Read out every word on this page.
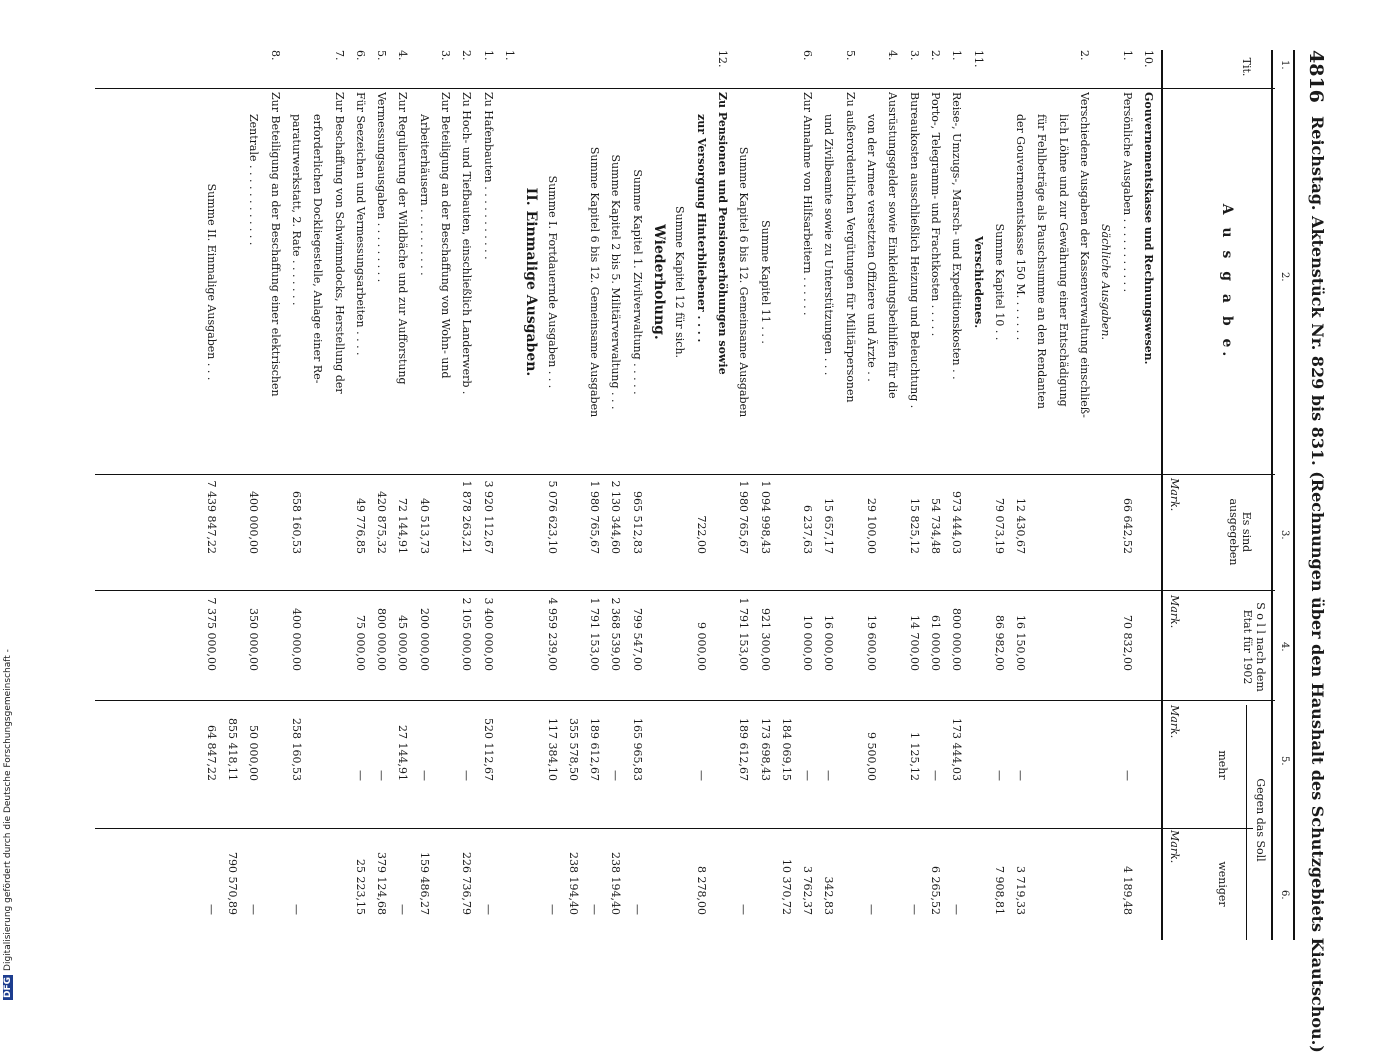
4816
Reichstag. Aktenstück Nr. 829 bis 831. (Rechnungen über den Haushalt des Schutzgebiets Kiautschou.)
1.
2.
3.
4.
5.
6.
Tit.
A u s g a b e.
Es sind ausgegeben
S o l l nach dem Etat für 1902
Gegen das Soll
mehr
weniger
Mark.
Mark.
Mark.
Mark.
10.
Gouvernementskasse und Rechnungswesen.
1.
Persönliche Ausgaben . . . . . . . . . . .
66 642,52
70 832,00
—
4 189,48
Sächliche Ausgaben.
2.
Verschiedene Ausgaben der Kassenverwaltung einschließ-
lich Löhne und zur Gewährung einer Entschädigung
für Fehlbeträge als Pauschsumme an den Rendanten
der Gouvernementskasse 150 M. . . . . . .
12 430,67
16 150,00
—
3 719,33
Summe Kapitel 10 . .
79 073,19
86 982,00
—
7 908,81
11.
Verschiedenes.
1.
Reise-, Umzugs-, Marsch- und Expeditionskosten . .
973 444,03
800 000,00
173 444,03
—
2.
Porto-, Telegramm- und Frachtkosten . . . . .
54 734,48
61 000,00
—
6 265,52
3.
Bureaukosten ausschließlich Heizung und Beleuchtung .
15 825,12
14 700,00
1 125,12
—
4.
Ausrüstungsgelder sowie Einkleidungsbeihilfen für die
von der Armee versetzten Offiziere und Ärzte . .
29 100,00
19 600,00
9 500,00
—
5.
Zu außerordentlichen Vergütungen für Militärpersonen
und Zivilbeamte sowie zu Unterstützungen . . .
15 657,17
16 000,00
—
342,83
6.
Zur Annahme von Hilfsarbeitern . . . . . .
6 237,63
10 000,00
—
3 762,37
184 069,15
10 370,72
Summe Kapitel 11 . . .
1 094 998,43
921 300,00
173 698,43
Summe Kapitel 6 bis 12. Gemeinsame Ausgaben
1 980 765,67
1 791 153,00
189 612,67
—
12.
Zu Pensionen und Pensionserhöhungen sowie
zur Versorgung Hinterbliebener . . . .
722,00
9 000,00
—
8 278,00
Summe Kapitel 12 für sich.
Wiederholung.
Summe Kapitel 1. Zivilverwaltung . . . . .
965 512,83
799 547,00
165 965,83
—
Summe Kapitel 2 bis 5. Militärverwaltung . . .
2 130 344,60
2 368 539,00
—
238 194,40
Summe Kapitel 6 bis 12. Gemeinsame Ausgaben
1 980 765,67
1 791 153,00
189 612,67
—
355 578,50
238 194,40
Summe I. Fortdauernde Ausgaben . . .
5 076 623,10
4 959 239,00
117 384,10
—
II. Einmalige Ausgaben.
1.
1.
Zu Hafenbauten . . . . . . . . . . .
3 920 112,67
3 400 000,00
520 112,67
—
2.
Zu Hoch- und Tiefbauten, einschließlich Landerwerb .
1 878 263,21
2 105 000,00
—
226 736,79
3.
Zur Beteiligung an der Beschaffung von Wohn- und
Arbeiterhäusern . . . . . . . . . .
40 513,73
200 000,00
—
159 486,27
4.
Zur Regulierung der Wildbäche und zur Aufforstung
72 144,91
45 000,00
27 144,91
—
5.
Vermessungsausgaben . . . . . . . . .
420 875,32
800 000,00
—
379 124,68
6.
Für Seezeichen und Vermessungsarbeiten . . . .
49 776,85
75 000,00
—
25 223,15
7.
Zur Beschaffung von Schwimmdocks, Herstellung der
erforderlichen Dockliegestelle, Anlage einer Re-
paraturwerkstatt, 2. Rate . . . . . . .
658 160,53
400 000,00
258 160,53
—
8.
Zur Beteiligung an der Beschaffung einer elektrischen
Zentrale . . . . . . . . . . . .
400 000,00
350 000,00
50 000,00
—
855 418,11
790 570,89
Summe II. Einmalige Ausgaben . . .
7 439 847,22
7 375 000,00
64 847,22
—
DFGDigitalisierung gefördert durch die Deutsche Forschungsgemeinschaft -
